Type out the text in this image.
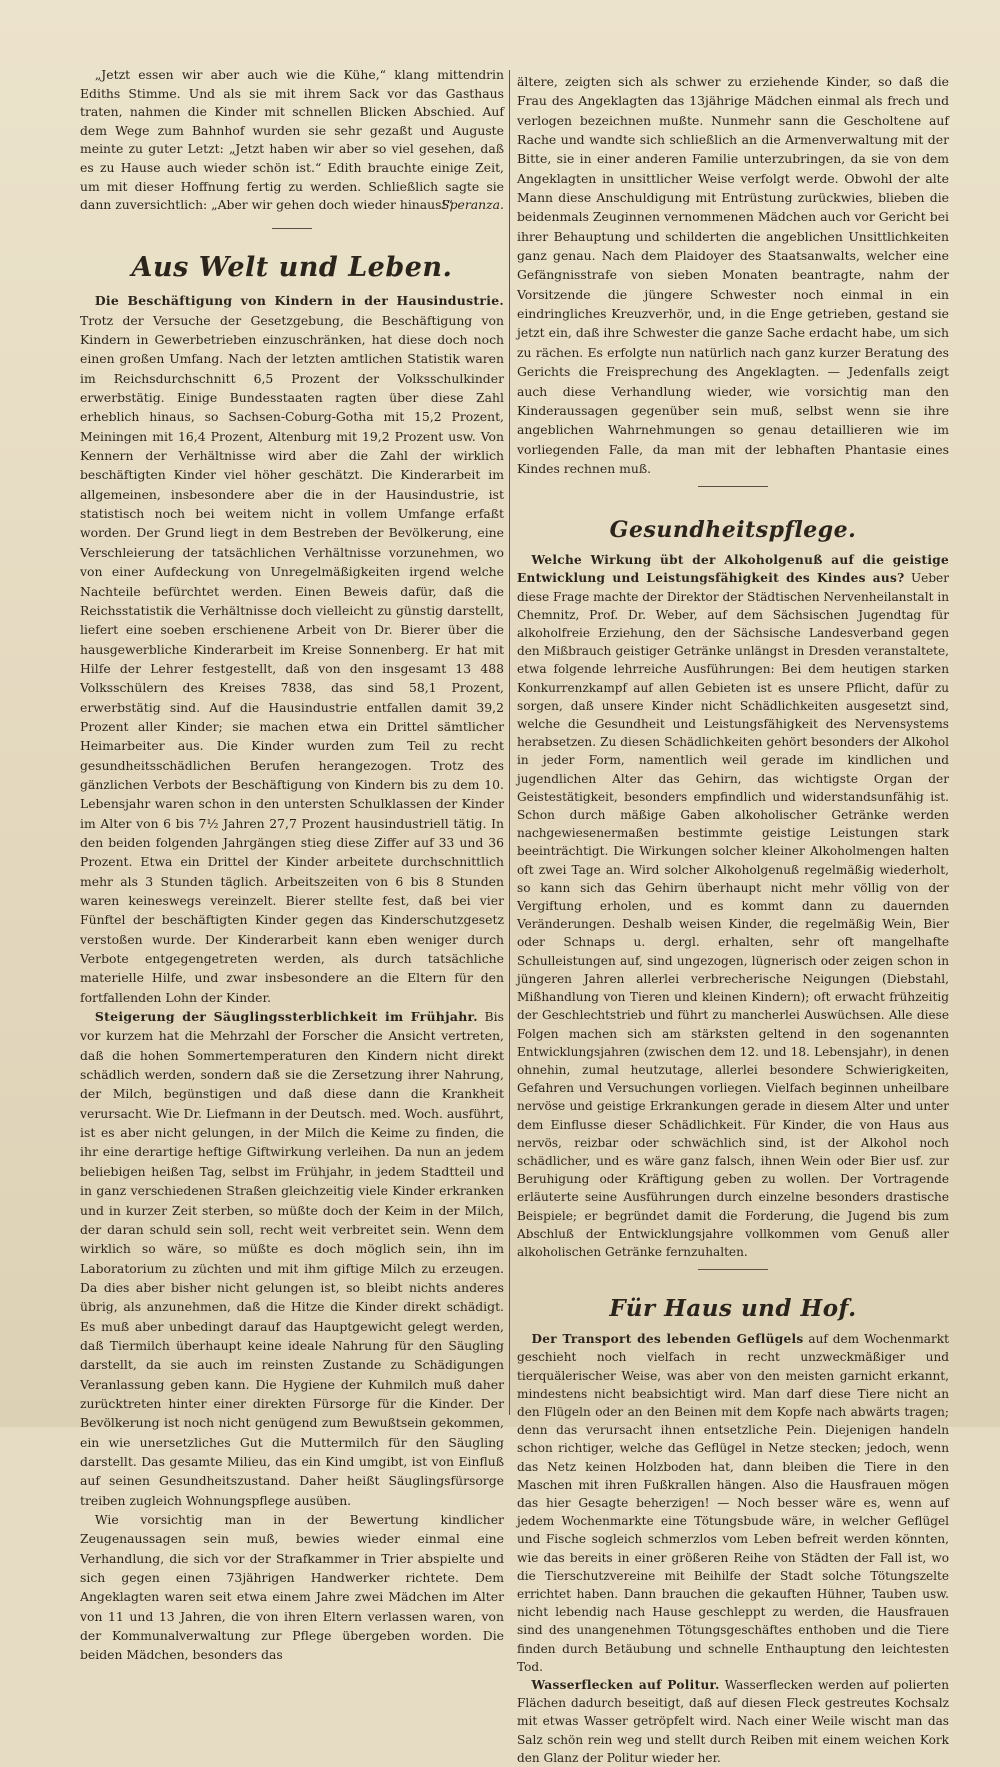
„Jetzt essen wir aber auch wie die Kühe,“ klang mittendrin Ediths Stimme. Und als sie mit ihrem Sack vor das Gasthaus traten, nahmen die Kinder mit schnellen Blicken Abschied. Auf dem Wege zum Bahnhof wurden sie sehr gezaßt und Auguste meinte zu guter Letzt: „Jetzt haben wir aber so viel gesehen, daß es zu Hause auch wieder schön ist.“ Edith brauchte einige Zeit, um mit dieser Hoffnung fertig zu werden. Schließlich sagte sie dann zuversichtlich: „Aber wir gehen doch wieder hinaus!“

Speranza.

Aus Welt und Leben.

Die Beschäftigung von Kindern in der Hausindustrie. Trotz der Versuche der Gesetzgebung, die Beschäftigung von Kindern in Gewerbetrieben einzuschränken, hat diese doch noch einen großen Umfang. Nach der letzten amtlichen Statistik waren im Reichsdurchschnitt 6,5 Prozent der Volksschulkinder erwerbstätig. Einige Bundesstaaten ragten über diese Zahl erheblich hinaus, so Sachsen-Coburg-Gotha mit 15,2 Prozent, Meiningen mit 16,4 Prozent, Altenburg mit 19,2 Prozent usw. Von Kennern der Verhältnisse wird aber die Zahl der wirklich beschäftigten Kinder viel höher geschätzt. Die Kinderarbeit im allgemeinen, insbesondere aber die in der Hausindustrie, ist statistisch noch bei weitem nicht in vollem Umfange erfaßt worden. Der Grund liegt in dem Bestreben der Bevölkerung, eine Verschleierung der tatsächlichen Verhältnisse vorzunehmen, wo von einer Aufdeckung von Unregelmäßigkeiten irgend welche Nachteile befürchtet werden. Einen Beweis dafür, daß die Reichsstatistik die Verhältnisse doch vielleicht zu günstig darstellt, liefert eine soeben erschienene Arbeit von Dr. Bierer über die hausgewerbliche Kinderarbeit im Kreise Sonnenberg. Er hat mit Hilfe der Lehrer festgestellt, daß von den insgesamt 13 488 Volksschülern des Kreises 7838, das sind 58,1 Prozent, erwerbstätig sind. Auf die Hausindustrie entfallen damit 39,2 Prozent aller Kinder; sie machen etwa ein Drittel sämtlicher Heimarbeiter aus. Die Kinder wurden zum Teil zu recht gesundheitsschädlichen Berufen herangezogen. Trotz des gänzlichen Verbots der Beschäftigung von Kindern bis zu dem 10. Lebensjahr waren schon in den untersten Schulklassen der Kinder im Alter von 6 bis 7½ Jahren 27,7 Prozent hausindustriell tätig. In den beiden folgenden Jahrgängen stieg diese Ziffer auf 33 und 36 Prozent. Etwa ein Drittel der Kinder arbeitete durchschnittlich mehr als 3 Stunden täglich. Arbeitszeiten von 6 bis 8 Stunden waren keineswegs vereinzelt. Bierer stellte fest, daß bei vier Fünftel der beschäftigten Kinder gegen das Kinderschutzgesetz verstoßen wurde. Der Kinderarbeit kann eben weniger durch Verbote entgegengetreten werden, als durch tatsächliche materielle Hilfe, und zwar insbesondere an die Eltern für den fortfallenden Lohn der Kinder.

Steigerung der Säuglingssterblichkeit im Frühjahr. Bis vor kurzem hat die Mehrzahl der Forscher die Ansicht vertreten, daß die hohen Sommertemperaturen den Kindern nicht direkt schädlich werden, sondern daß sie die Zersetzung ihrer Nahrung, der Milch, begünstigen und daß diese dann die Krankheit verursacht. Wie Dr. Liefmann in der Deutsch. med. Woch. ausführt, ist es aber nicht gelungen, in der Milch die Keime zu finden, die ihr eine derartige heftige Giftwirkung verleihen. Da nun an jedem beliebigen heißen Tag, selbst im Frühjahr, in jedem Stadtteil und in ganz verschiedenen Straßen gleichzeitig viele Kinder erkranken und in kurzer Zeit sterben, so müßte doch der Keim in der Milch, der daran schuld sein soll, recht weit verbreitet sein. Wenn dem wirklich so wäre, so müßte es doch möglich sein, ihn im Laboratorium zu züchten und mit ihm giftige Milch zu erzeugen. Da dies aber bisher nicht gelungen ist, so bleibt nichts anderes übrig, als anzunehmen, daß die Hitze die Kinder direkt schädigt. Es muß aber unbedingt darauf das Hauptgewicht gelegt werden, daß Tiermilch überhaupt keine ideale Nahrung für den Säugling darstellt, da sie auch im reinsten Zustande zu Schädigungen Veranlassung geben kann. Die Hygiene der Kuhmilch muß daher zurücktreten hinter einer direkten Fürsorge für die Kinder. Der Bevölkerung ist noch nicht genügend zum Bewußtsein gekommen, ein wie unersetzliches Gut die Muttermilch für den Säugling darstellt. Das gesamte Milieu, das ein Kind umgibt, ist von Einfluß auf seinen Gesundheitszustand. Daher heißt Säuglingsfürsorge treiben zugleich Wohnungspflege ausüben.

Wie vorsichtig man in der Bewertung kindlicher Zeugenaussagen sein muß, bewies wieder einmal eine Verhandlung, die sich vor der Strafkammer in Trier abspielte und sich gegen einen 73jährigen Handwerker richtete. Dem Angeklagten waren seit etwa einem Jahre zwei Mädchen im Alter von 11 und 13 Jahren, die von ihren Eltern verlassen waren, von der Kommunalverwaltung zur Pflege übergeben worden. Die beiden Mädchen, besonders das

ältere, zeigten sich als schwer zu erziehende Kinder, so daß die Frau des Angeklagten das 13jährige Mädchen einmal als frech und verlogen bezeichnen mußte. Nunmehr sann die Gescholtene auf Rache und wandte sich schließlich an die Armenverwaltung mit der Bitte, sie in einer anderen Familie unterzubringen, da sie von dem Angeklagten in unsittlicher Weise verfolgt werde. Obwohl der alte Mann diese Anschuldigung mit Entrüstung zurückwies, blieben die beidenmals Zeuginnen vernommenen Mädchen auch vor Gericht bei ihrer Behauptung und schilderten die angeblichen Unsittlichkeiten ganz genau. Nach dem Plaidoyer des Staatsanwalts, welcher eine Gefängnisstrafe von sieben Monaten beantragte, nahm der Vorsitzende die jüngere Schwester noch einmal in ein eindringliches Kreuzverhör, und, in die Enge getrieben, gestand sie jetzt ein, daß ihre Schwester die ganze Sache erdacht habe, um sich zu rächen. Es erfolgte nun natürlich nach ganz kurzer Beratung des Gerichts die Freisprechung des Angeklagten. — Jedenfalls zeigt auch diese Verhandlung wieder, wie vorsichtig man den Kinderaussagen gegenüber sein muß, selbst wenn sie ihre angeblichen Wahrnehmungen so genau detaillieren wie im vorliegenden Falle, da man mit der lebhaften Phantasie eines Kindes rechnen muß.

Gesundheitspflege.

Welche Wirkung übt der Alkoholgenuß auf die geistige Entwicklung und Leistungsfähigkeit des Kindes aus? Ueber diese Frage machte der Direktor der Städtischen Nervenheilanstalt in Chemnitz, Prof. Dr. Weber, auf dem Sächsischen Jugendtag für alkoholfreie Erziehung, den der Sächsische Landesverband gegen den Mißbrauch geistiger Getränke unlängst in Dresden veranstaltete, etwa folgende lehrreiche Ausführungen: Bei dem heutigen starken Konkurrenzkampf auf allen Gebieten ist es unsere Pflicht, dafür zu sorgen, daß unsere Kinder nicht Schädlichkeiten ausgesetzt sind, welche die Gesundheit und Leistungsfähigkeit des Nervensystems herabsetzen. Zu diesen Schädlichkeiten gehört besonders der Alkohol in jeder Form, namentlich weil gerade im kindlichen und jugendlichen Alter das Gehirn, das wichtigste Organ der Geistestätigkeit, besonders empfindlich und widerstandsunfähig ist. Schon durch mäßige Gaben alkoholischer Getränke werden nachgewiesenermaßen bestimmte geistige Leistungen stark beeinträchtigt. Die Wirkungen solcher kleiner Alkoholmengen halten oft zwei Tage an. Wird solcher Alkoholgenuß regelmäßig wiederholt, so kann sich das Gehirn überhaupt nicht mehr völlig von der Vergiftung erholen, und es kommt dann zu dauernden Veränderungen. Deshalb weisen Kinder, die regelmäßig Wein, Bier oder Schnaps u. dergl. erhalten, sehr oft mangelhafte Schulleistungen auf, sind ungezogen, lügnerisch oder zeigen schon in jüngeren Jahren allerlei verbrecherische Neigungen (Diebstahl, Mißhandlung von Tieren und kleinen Kindern); oft erwacht frühzeitig der Geschlechtstrieb und führt zu mancherlei Auswüchsen. Alle diese Folgen machen sich am stärksten geltend in den sogenannten Entwicklungsjahren (zwischen dem 12. und 18. Lebensjahr), in denen ohnehin, zumal heutzutage, allerlei besondere Schwierigkeiten, Gefahren und Versuchungen vorliegen. Vielfach beginnen unheilbare nervöse und geistige Erkrankungen gerade in diesem Alter und unter dem Einflusse dieser Schädlichkeit. Für Kinder, die von Haus aus nervös, reizbar oder schwächlich sind, ist der Alkohol noch schädlicher, und es wäre ganz falsch, ihnen Wein oder Bier usf. zur Beruhigung oder Kräftigung geben zu wollen. Der Vortragende erläuterte seine Ausführungen durch einzelne besonders drastische Beispiele; er begründet damit die Forderung, die Jugend bis zum Abschluß der Entwicklungsjahre vollkommen vom Genuß aller alkoholischen Getränke fernzuhalten.

Für Haus und Hof.

Der Transport des lebenden Geflügels auf dem Wochenmarkt geschieht noch vielfach in recht unzweckmäßiger und tierquälerischer Weise, was aber von den meisten garnicht erkannt, mindestens nicht beabsichtigt wird. Man darf diese Tiere nicht an den Flügeln oder an den Beinen mit dem Kopfe nach abwärts tragen; denn das verursacht ihnen entsetzliche Pein. Diejenigen handeln schon richtiger, welche das Geflügel in Netze stecken; jedoch, wenn das Netz keinen Holzboden hat, dann bleiben die Tiere in den Maschen mit ihren Fußkrallen hängen. Also die Hausfrauen mögen das hier Gesagte beherzigen! — Noch besser wäre es, wenn auf jedem Wochenmarkte eine Tötungsbude wäre, in welcher Geflügel und Fische sogleich schmerzlos vom Leben befreit werden könnten, wie das bereits in einer größeren Reihe von Städten der Fall ist, wo die Tierschutzvereine mit Beihilfe der Stadt solche Tötungszelte errichtet haben. Dann brauchen die gekauften Hühner, Tauben usw. nicht lebendig nach Hause geschleppt zu werden, die Hausfrauen sind des unangenehmen Tötungsgeschäftes enthoben und die Tiere finden durch Betäubung und schnelle Enthauptung den leichtesten Tod.

Wasserflecken auf Politur. Wasserflecken werden auf polierten Flächen dadurch beseitigt, daß auf diesen Fleck gestreutes Kochsalz mit etwas Wasser getröpfelt wird. Nach einer Weile wischt man das Salz schön rein weg und stellt durch Reiben mit einem weichen Kork den Glanz der Politur wieder her.
